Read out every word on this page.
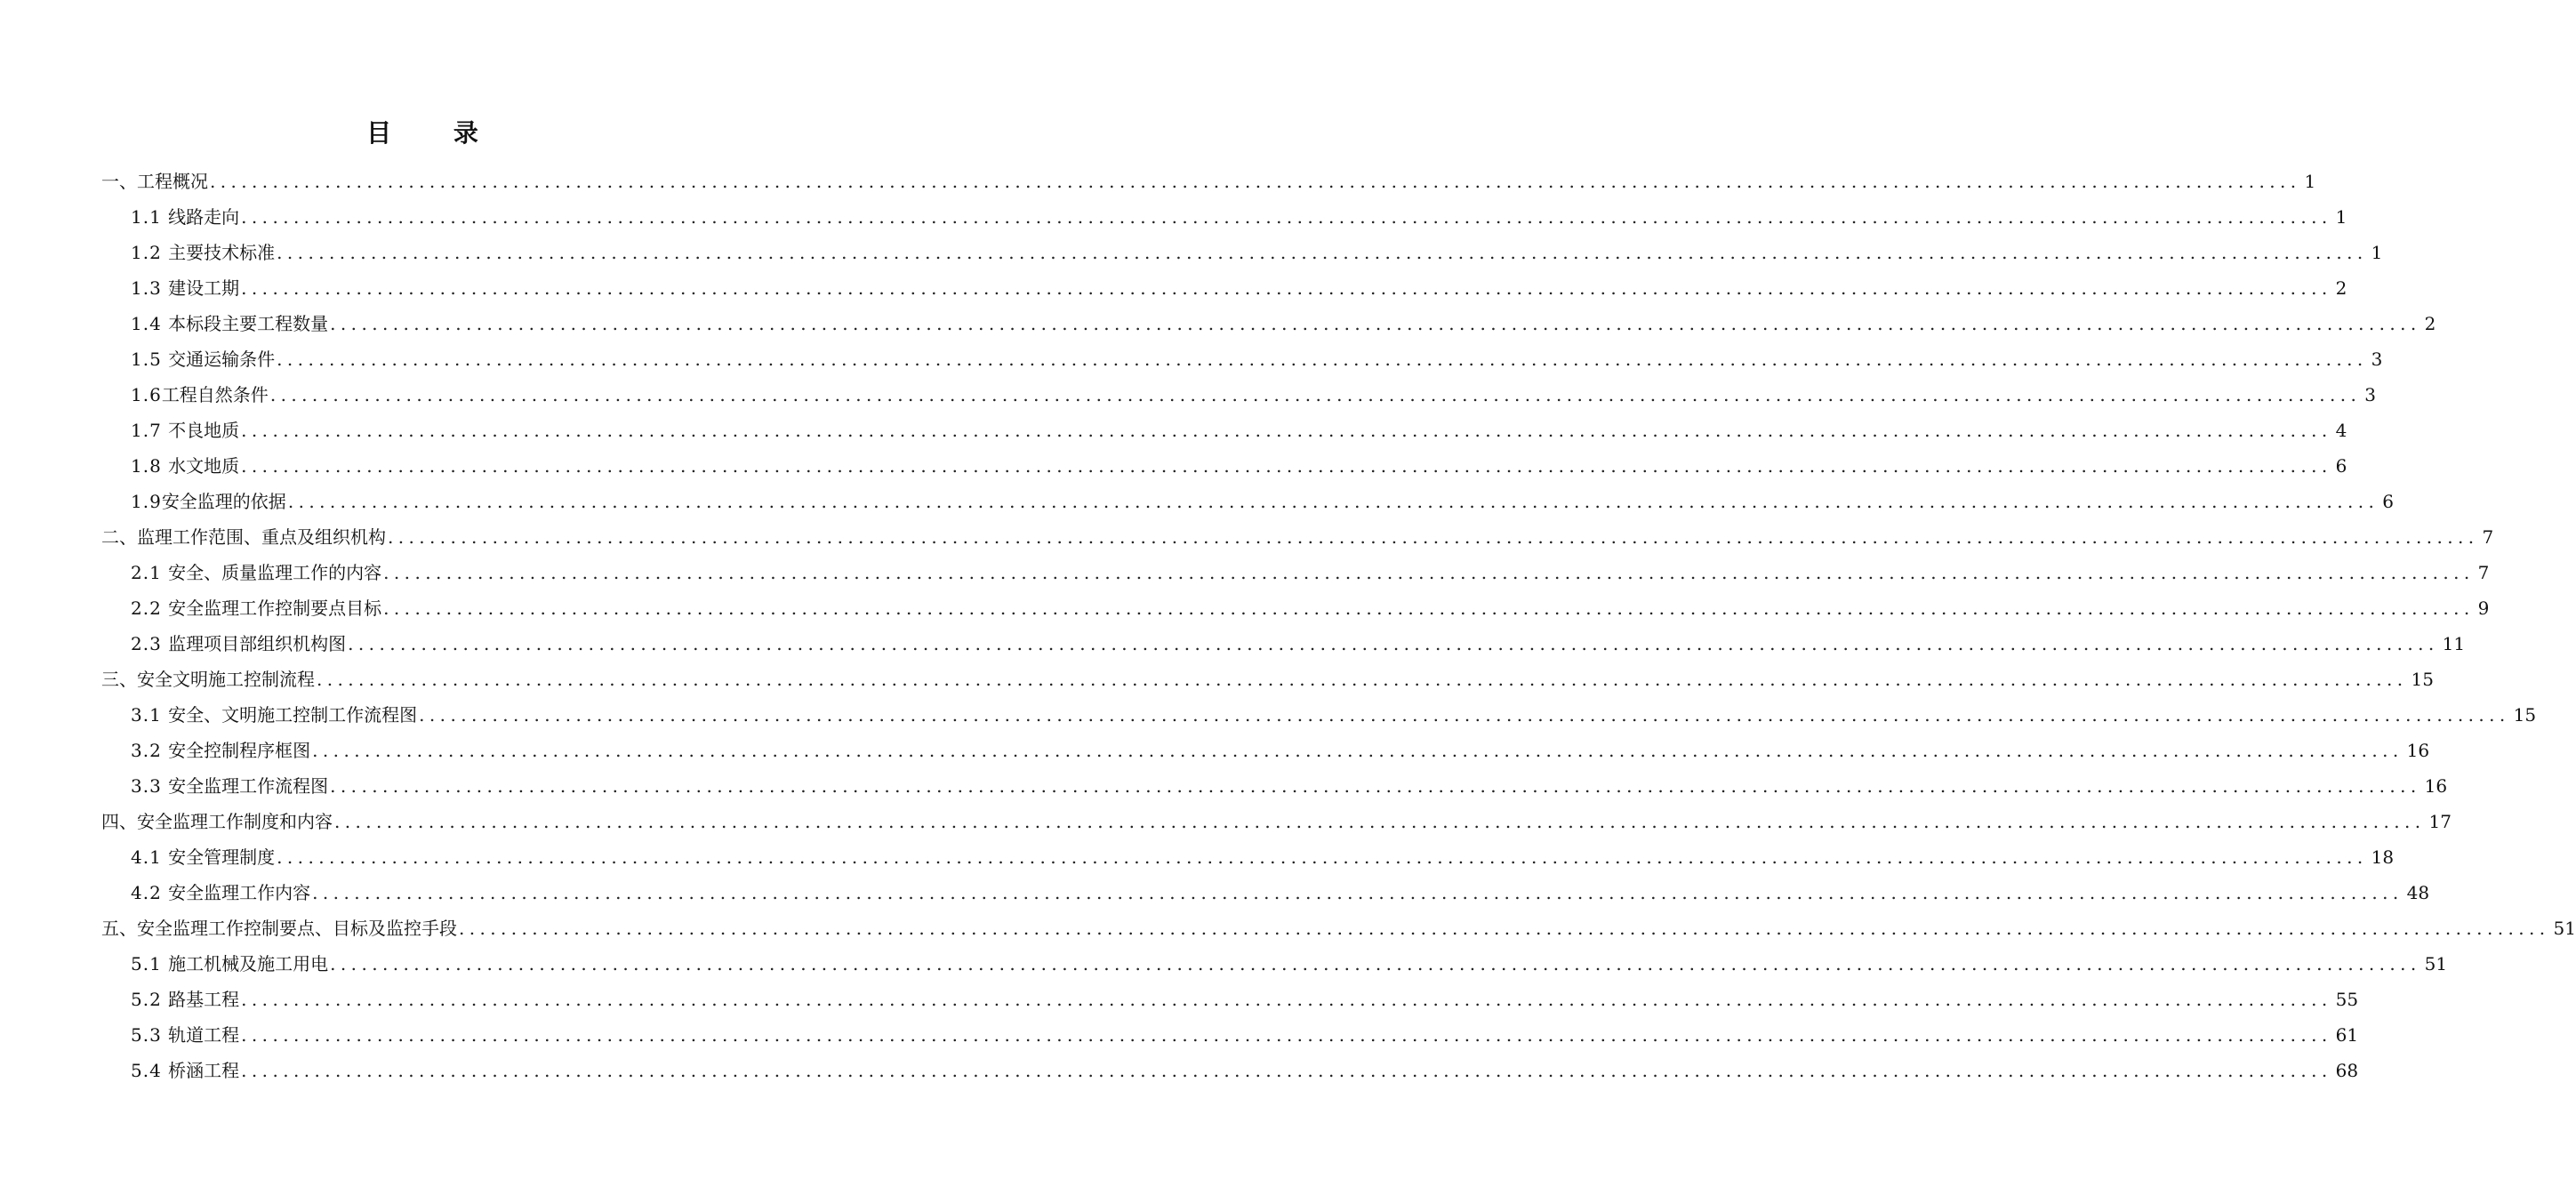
目 录
一、工程概况 ........................................................................................................................................................................................................ 1
1.1 线路走向 ........................................................................................................................................................................................................ 1
1.2 主要技术标准 ........................................................................................................................................................................................................ 1
1.3 建设工期 ........................................................................................................................................................................................................ 2
1.4 本标段主要工程数量 ........................................................................................................................................................................................................ 2
1.5 交通运输条件 ........................................................................................................................................................................................................ 3
1.6工程自然条件 ........................................................................................................................................................................................................ 3
1.7 不良地质 ........................................................................................................................................................................................................ 4
1.8 水文地质 ........................................................................................................................................................................................................ 6
1.9安全监理的依据 ........................................................................................................................................................................................................ 6
二、监理工作范围、重点及组织机构 ........................................................................................................................................................................................................ 7
2.1 安全、质量监理工作的内容 ........................................................................................................................................................................................................ 7
2.2 安全监理工作控制要点目标 ........................................................................................................................................................................................................ 9
2.3 监理项目部组织机构图 ........................................................................................................................................................................................................ 11
三、安全文明施工控制流程 ........................................................................................................................................................................................................ 15
3.1 安全、文明施工控制工作流程图 ........................................................................................................................................................................................................ 15
3.2 安全控制程序框图 ........................................................................................................................................................................................................ 16
3.3 安全监理工作流程图 ........................................................................................................................................................................................................ 16
四、安全监理工作制度和内容 ........................................................................................................................................................................................................ 17
4.1 安全管理制度 ........................................................................................................................................................................................................ 18
4.2 安全监理工作内容 ........................................................................................................................................................................................................ 48
五、安全监理工作控制要点、目标及监控手段 ........................................................................................................................................................................................................ 51
5.1 施工机械及施工用电 ........................................................................................................................................................................................................ 51
5.2 路基工程 ........................................................................................................................................................................................................ 55
5.3 轨道工程 ........................................................................................................................................................................................................ 61
5.4 桥涵工程 ........................................................................................................................................................................................................ 68
